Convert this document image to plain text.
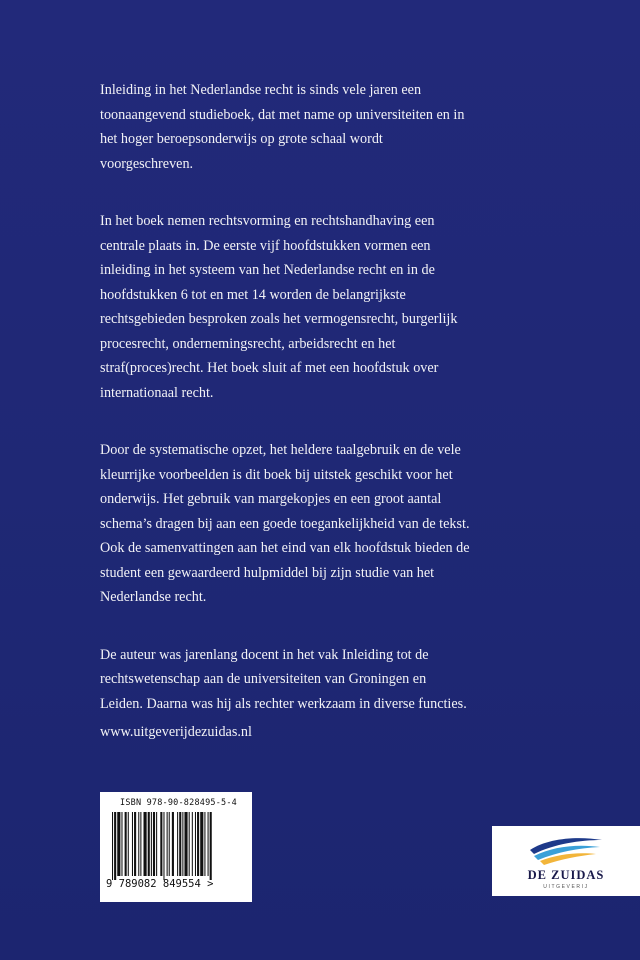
Inleiding in het Nederlandse recht is sinds vele jaren een
toonaangevend studieboek, dat met name op universiteiten en in
het hoger beroepsonderwijs op grote schaal wordt
voorgeschreven.

In het boek nemen rechtsvorming en rechtshandhaving een
centrale plaats in. De eerste vijf hoofdstukken vormen een
inleiding in het systeem van het Nederlandse recht en in de
hoofdstukken 6 tot en met 14 worden de belangrijkste
rechtsgebieden besproken zoals het vermogensrecht, burgerlijk
procesrecht, ondernemingsrecht, arbeidsrecht en het
straf(proces)recht. Het boek sluit af met een hoofdstuk over
internationaal recht.

Door de systematische opzet, het heldere taalgebruik en de vele
kleurrijke voorbeelden is dit boek bij uitstek geschikt voor het
onderwijs. Het gebruik van margekopjes en een groot aantal
schema’s dragen bij aan een goede toegankelijkheid van de tekst.
Ook de samenvattingen aan het eind van elk hoofdstuk bieden de
student een gewaardeerd hulpmiddel bij zijn studie van het
Nederlandse recht.

De auteur was jarenlang docent in het vak Inleiding tot de
rechtswetenschap aan de universiteiten van Groningen en
Leiden. Daarna was hij als rechter werkzaam in diverse functies.

www.uitgeverijdezuidas.nl
ISBN 978-90-828495-5-4
9 789082 849554 >
DE ZUIDAS
UITGEVERIJ
